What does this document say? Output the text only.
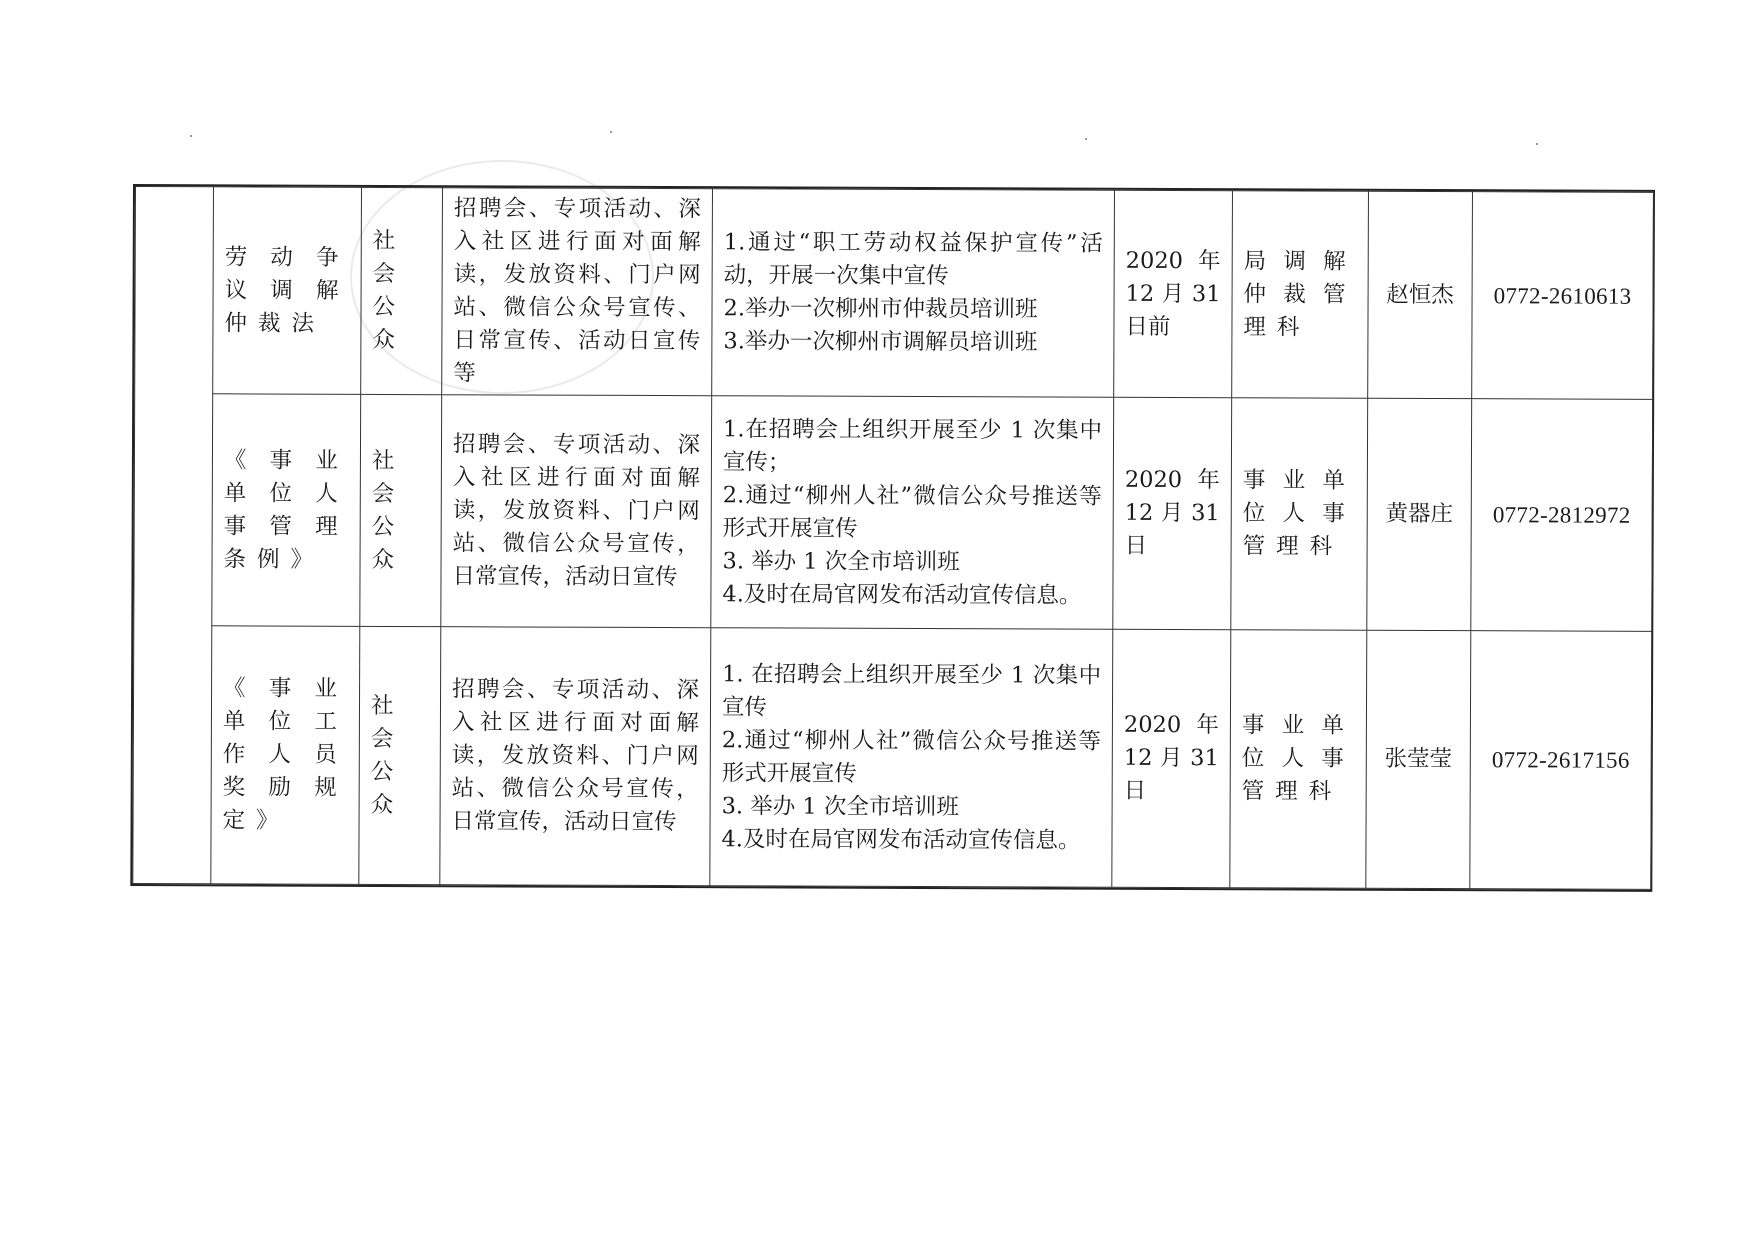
	劳动争议调解仲裁法	社会公众	招聘会、专项活动、深入社区进行面对面解读，发放资料、门户网站、微信公众号宣传、日常宣传、活动日宣传等	1.通过“职工劳动权益保护宣传”活动，开展一次集中宣传
2.举办一次柳州市仲裁员培训班
3.举办一次柳州市调解员培训班	2020 年 12 月 31 日前	局调解仲裁管理科	赵恒杰	0772-2610613
	《事业单位人事管理条例》	社会公众	招聘会、专项活动、深入社区进行面对面解读，发放资料、门户网站、微信公众号宣传，日常宣传，活动日宣传	1.在招聘会上组织开展至少 1 次集中宣传；
2.通过“柳州人社”微信公众号推送等形式开展宣传
3. 举办 1 次全市培训班
4.及时在局官网发布活动宣传信息。	2020 年 12 月 31 日	事业单位人事管理科	黄器庄	0772-2812972
	《事业单位工作人员奖励规定》	社会公众	招聘会、专项活动、深入社区进行面对面解读，发放资料、门户网站、微信公众号宣传，日常宣传，活动日宣传	1. 在招聘会上组织开展至少 1 次集中宣传
2.通过“柳州人社”微信公众号推送等形式开展宣传
3. 举办 1 次全市培训班
4.及时在局官网发布活动宣传信息。	2020 年 12 月 31 日	事业单位人事管理科	张莹莹	0772-2617156
